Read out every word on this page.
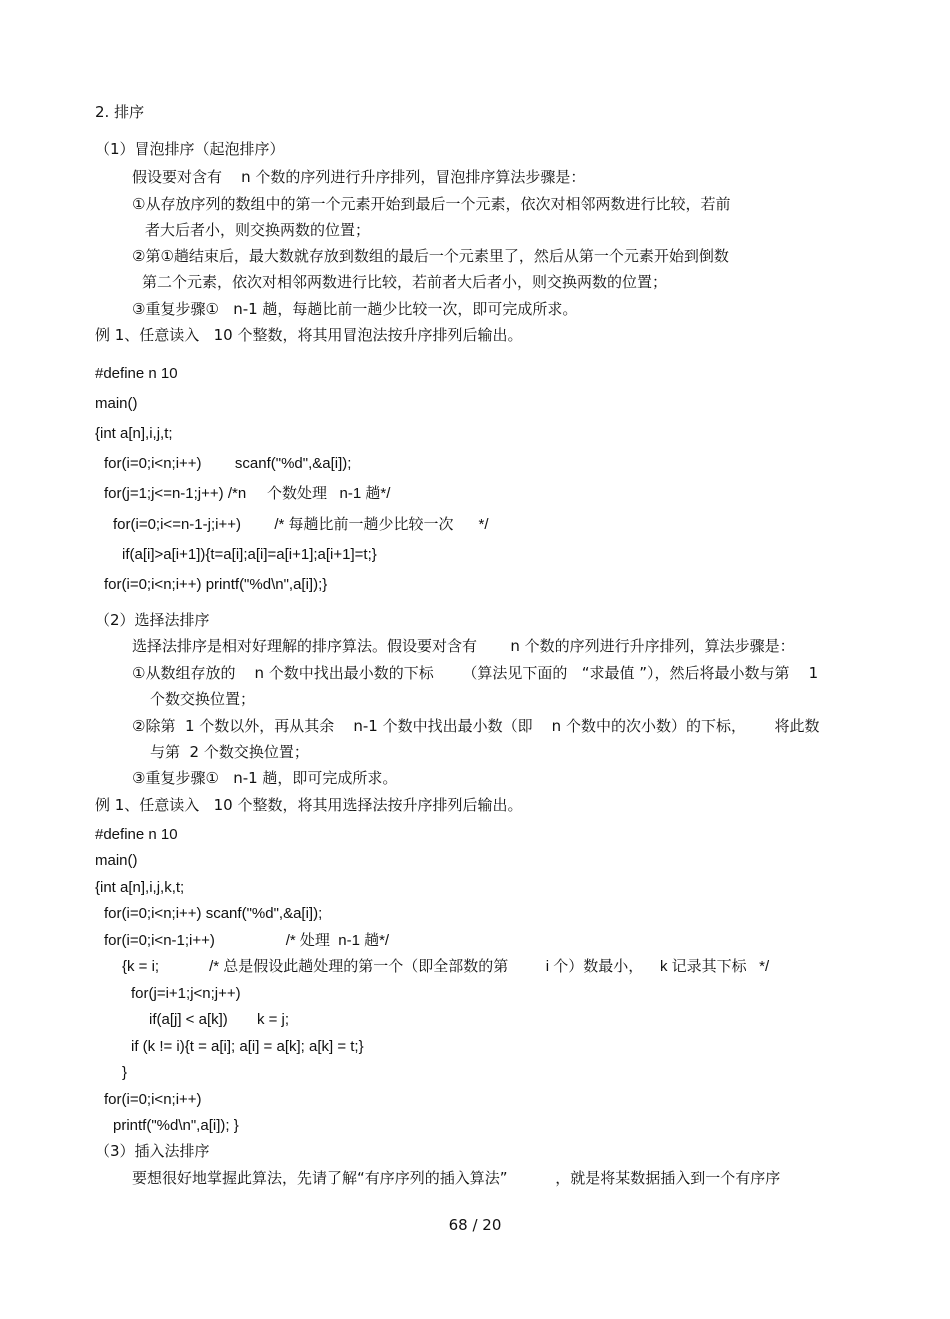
2. 排序
（1）冒泡排序（起泡排序）
假设要对含有    n 个数的序列进行升序排列，冒泡排序算法步骤是：
①从存放序列的数组中的第一个元素开始到最后一个元素，依次对相邻两数进行比较，若前
者大后者小，则交换两数的位置；
②第①趟结束后，最大数就存放到数组的最后一个元素里了，然后从第一个元素开始到倒数
第二个元素，依次对相邻两数进行比较，若前者大后者小，则交换两数的位置；
③重复步骤①   n-1 趟，每趟比前一趟少比较一次，即可完成所求。
例 1、任意读入   10 个整数，将其用冒泡法按升序排列后输出。
#define n 10
main()
{int a[n],i,j,t;
for(i=0;i<n;i++)        scanf("%d",&a[i]);
for(j=1;j<=n-1;j++) /*n     个数处理   n-1 趟*/
for(i=0;i<=n-1-j;i++)        /* 每趟比前一趟少比较一次      */
if(a[i]>a[i+1]){t=a[i];a[i]=a[i+1];a[i+1]=t;}
for(i=0;i<n;i++) printf("%d\n",a[i]);}
（2）选择法排序
选择法排序是相对好理解的排序算法。假设要对含有       n 个数的序列进行升序排列，算法步骤是：
①从数组存放的    n 个数中找出最小数的下标      （算法见下面的   “求最值 ”），然后将最小数与第    1
个数交换位置；
②除第  1 个数以外，再从其余    n-1 个数中找出最小数（即    n 个数中的次小数）的下标，      将此数
与第  2 个数交换位置；
③重复步骤①   n-1 趟，即可完成所求。
例 1、任意读入   10 个整数，将其用选择法按升序排列后输出。
#define n 10
main()
{int a[n],i,j,k,t;
for(i=0;i<n;i++) scanf("%d",&a[i]);
for(i=0;i<n-1;i++)                 /* 处理  n-1 趟*/
{k = i;            /* 总是假设此趟处理的第一个（即全部数的第         i 个）数最小，    k 记录其下标   */
for(j=i+1;j<n;j++)
if(a[j] < a[k])       k = j;
if (k != i){t = a[i]; a[i] = a[k]; a[k] = t;}
}
for(i=0;i<n;i++)
printf("%d\n",a[i]); }
（3）插入法排序
要想很好地掌握此算法，先请了解“有序序列的插入算法”          ，就是将某数据插入到一个有序序
68 / 20
